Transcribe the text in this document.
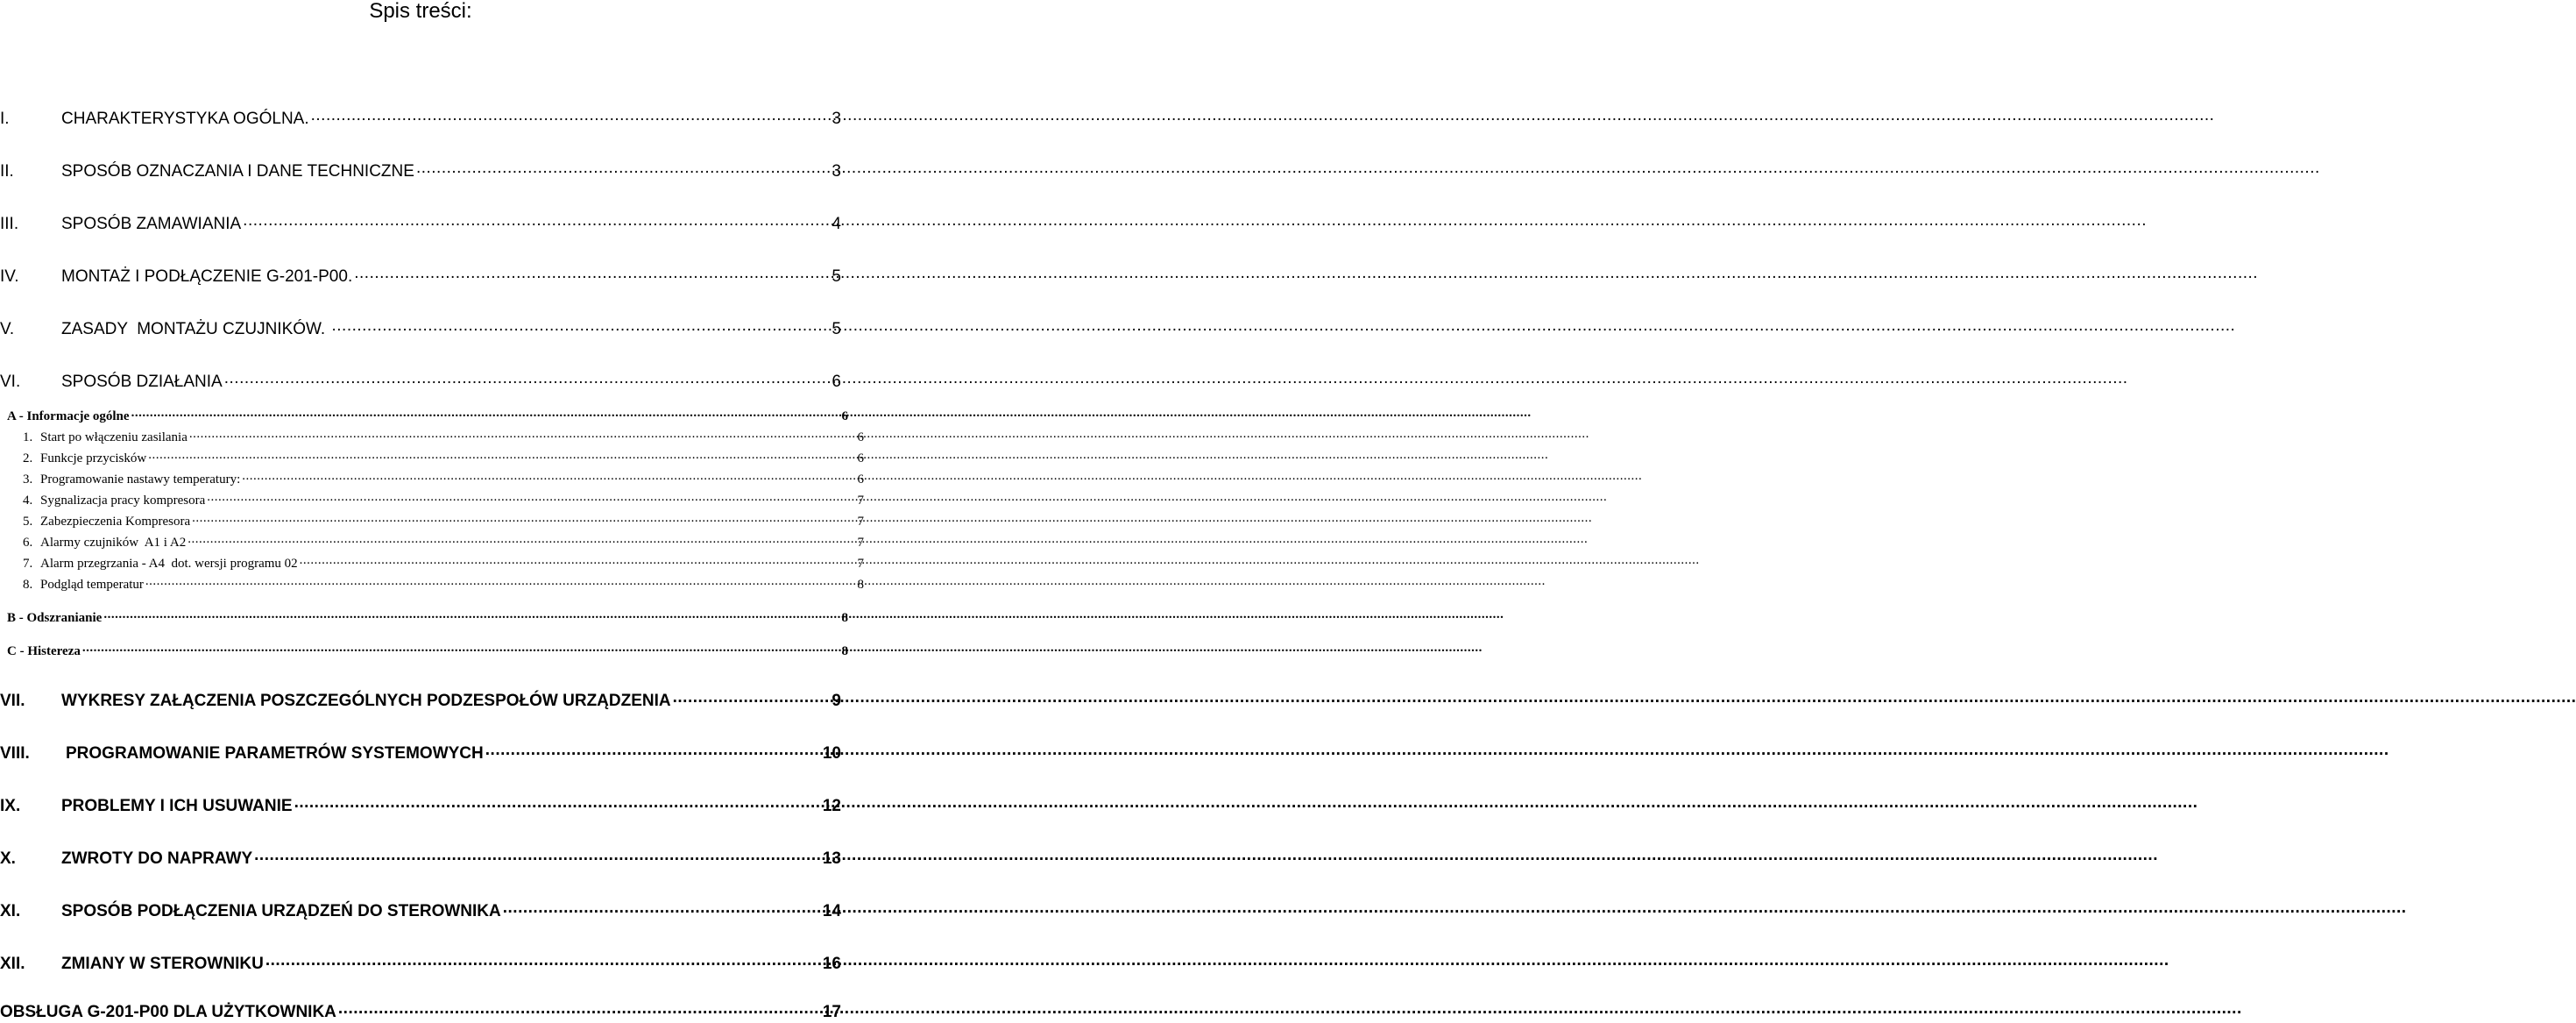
Spis treści:
I.	CHARAKTERYSTYKA OGÓLNA. .....	3
II.	SPOSÓB OZNACZANIA I DANE TECHNICZNE .....	3
III.	SPOSÓB ZAMAWIANIA .....	4
IV.	MONTAŻ I PODŁĄCZENIE G-201-P00. .....	5
V.	ZASADY  MONTAŻU CZUJNIKÓW. .....	5
VI.	SPOSÓB DZIAŁANIA .....	6
A - Informacje ogólne .....	6
1. Start po włączeniu zasilania .....	6
2. Funkcje przycisków .....	6
3. Programowanie nastawy temperatury: .....	6
4. Sygnalizacja pracy kompresora .....	7
5. Zabezpieczenia Kompresora .....	7
6. Alarmy czujników  A1 i A2 .....	7
7. Alarm przegrzania - A4  dot. wersji programu 02 .....	7
8. Podgląd temperatur .....	8
B - Odszranianie .....	8
C - Histereza .....	8
VII.	WYKRESY ZAŁĄCZENIA POSZCZEGÓLNYCH PODZESPOŁÓW URZĄDZENIA .....	9
VIII.	PROGRAMOWANIE PARAMETRÓW SYSTEMOWYCH .....	10
IX.	PROBLEMY I ICH USUWANIE .....	12
X.	ZWROTY DO NAPRAWY .....	13
XI.	SPOSÓB PODŁĄCZENIA URZĄDZEŃ DO STEROWNIKA .....	14
XII.	ZMIANY W STEROWNIKU .....	16
OBSŁUGA G-201-P00 DLA UŻYTKOWNIKA .....	17
